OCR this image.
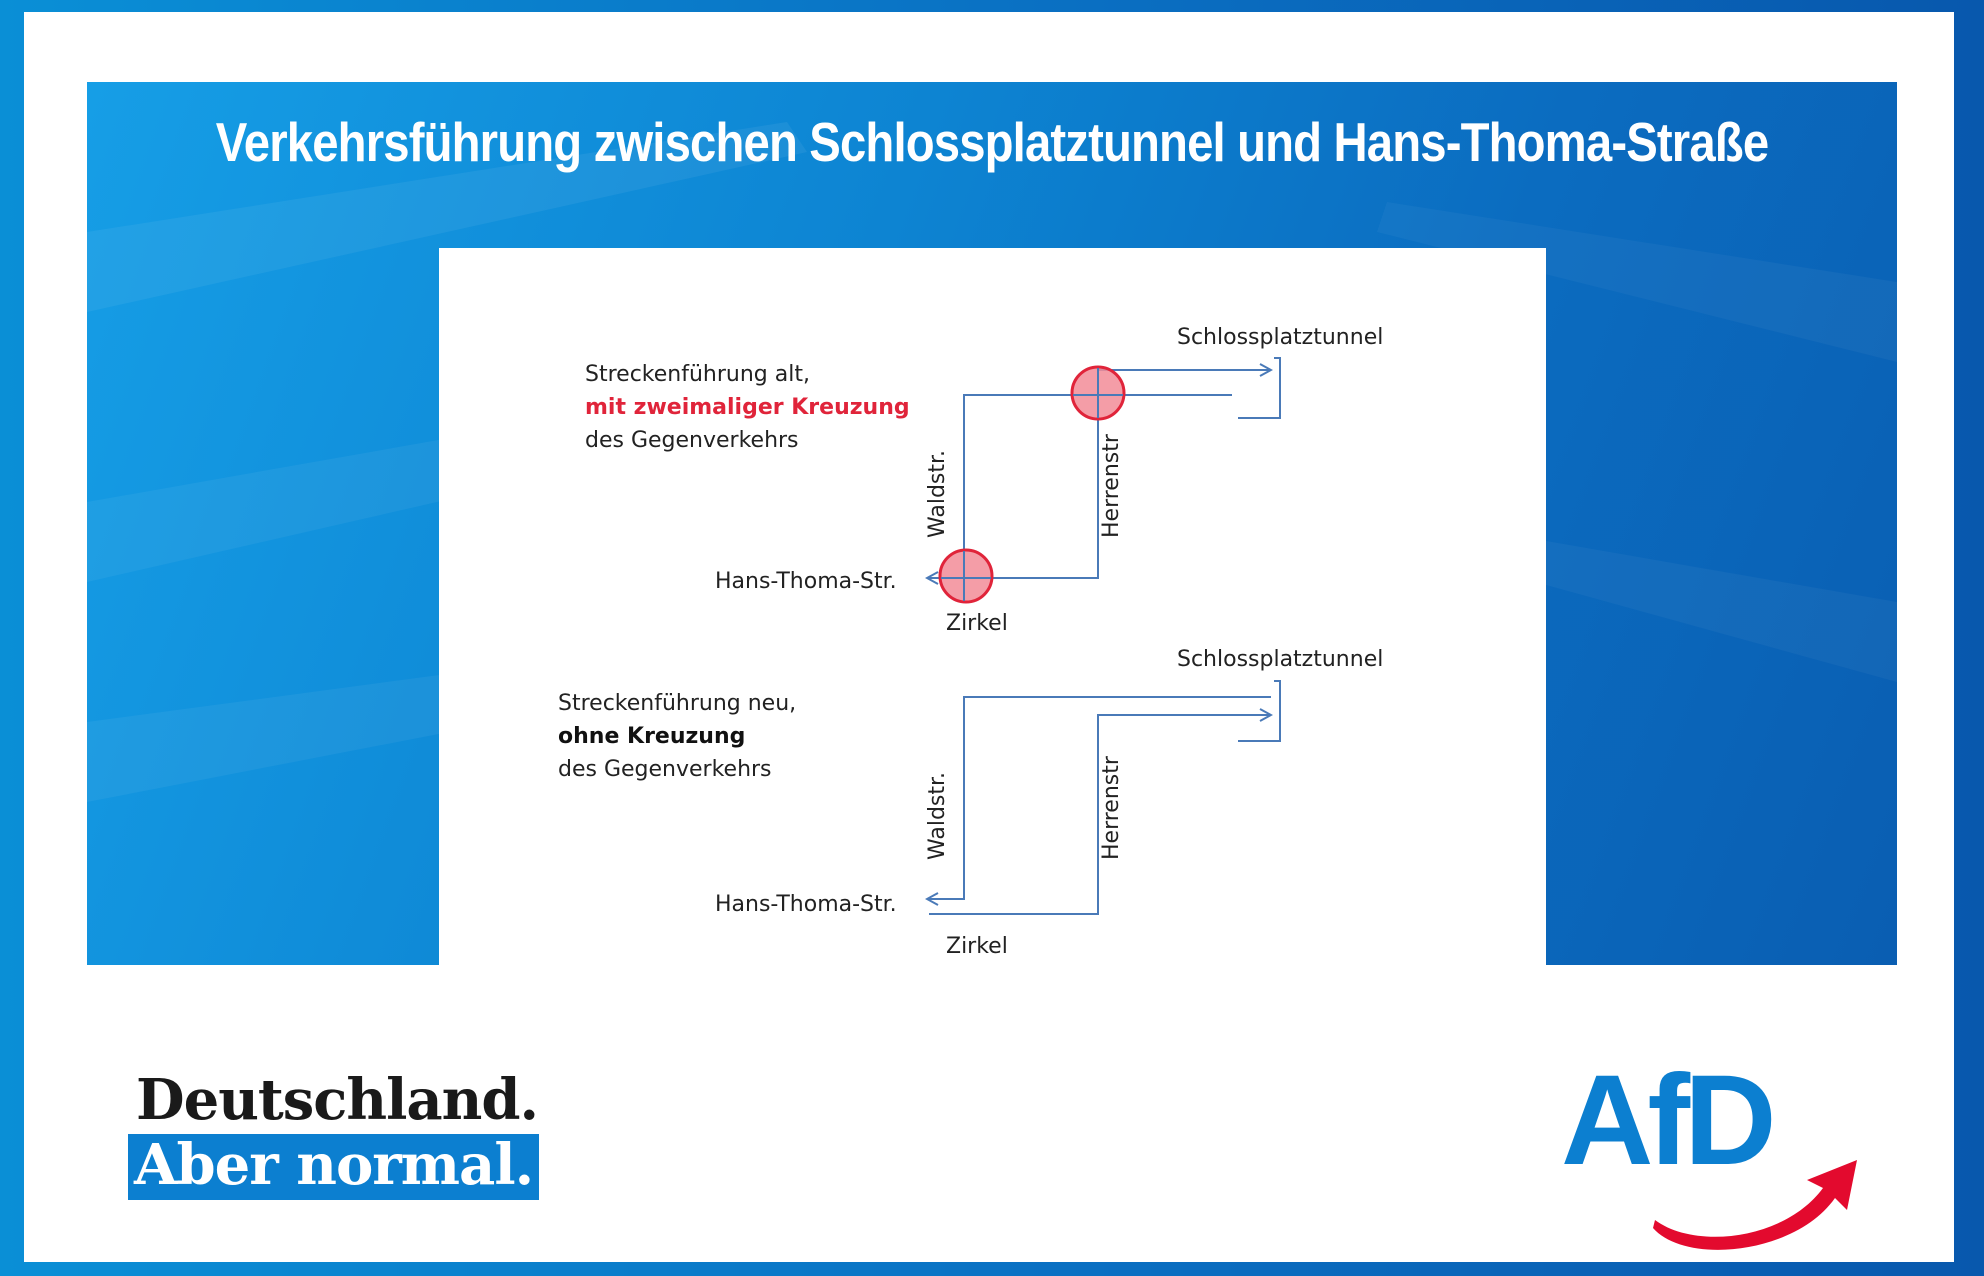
Verkehrsführung zwischen Schlossplatztunnel und Hans-Thoma-Straße
Streckenführung alt,
mit zweimaliger Kreuzung
des Gegenverkehrs
Schlossplatztunnel
Waldstr.	Herrenstr
Hans-Thoma-Str.
Zirkel
Streckenführung neu,
ohne Kreuzung
des Gegenverkehrs
Schlossplatztunnel
Waldstr.	Herrenstr
Hans-Thoma-Str.
Zirkel
Deutschland.
Aber normal.	AfD
